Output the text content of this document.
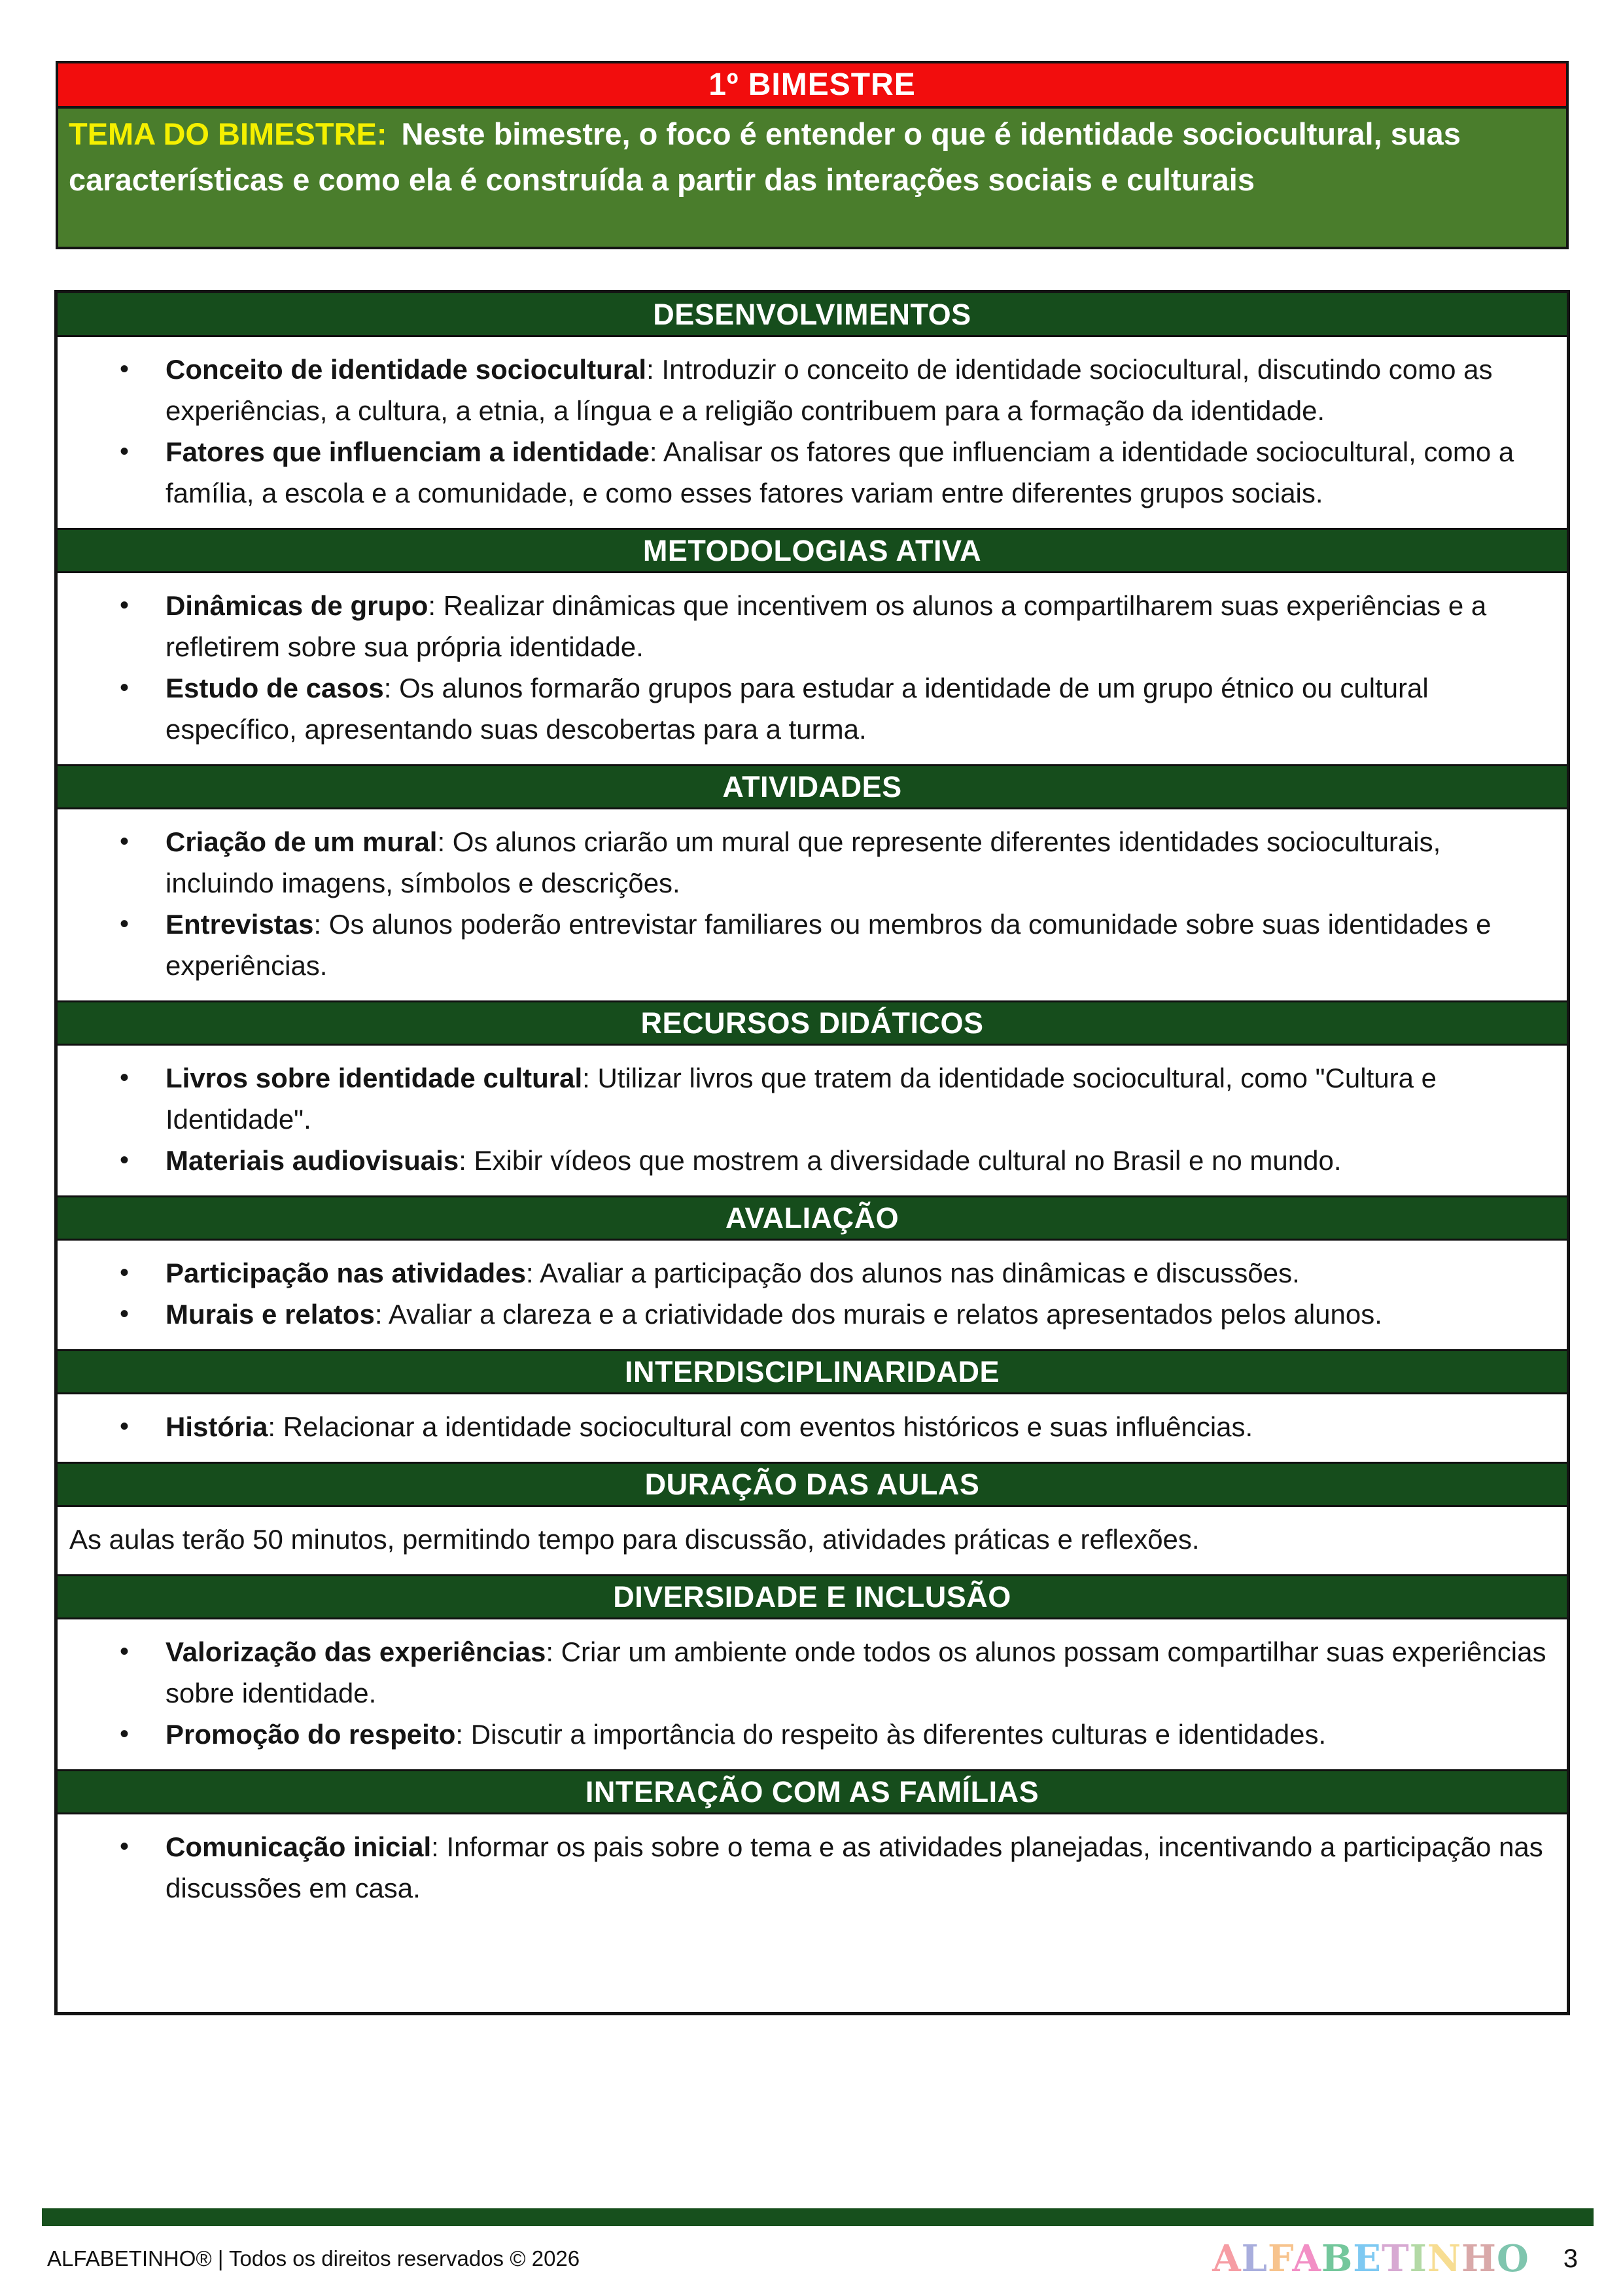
1º BIMESTRE

TEMA DO BIMESTRE: Neste bimestre, o foco é entender o que é identidade sociocultural, suas características e como ela é construída a partir das interações sociais e culturais

DESENVOLVIMENTOS
• Conceito de identidade sociocultural: Introduzir o conceito de identidade sociocultural, discutindo como as experiências, a cultura, a etnia, a língua e a religião contribuem para a formação da identidade.
• Fatores que influenciam a identidade: Analisar os fatores que influenciam a identidade sociocultural, como a família, a escola e a comunidade, e como esses fatores variam entre diferentes grupos sociais.
METODOLOGIAS ATIVA
• Dinâmicas de grupo: Realizar dinâmicas que incentivem os alunos a compartilharem suas experiências e a refletirem sobre sua própria identidade.
• Estudo de casos: Os alunos formarão grupos para estudar a identidade de um grupo étnico ou cultural específico, apresentando suas descobertas para a turma.
ATIVIDADES
• Criação de um mural: Os alunos criarão um mural que represente diferentes identidades socioculturais, incluindo imagens, símbolos e descrições.
• Entrevistas: Os alunos poderão entrevistar familiares ou membros da comunidade sobre suas identidades e experiências.
RECURSOS DIDÁTICOS
• Livros sobre identidade cultural: Utilizar livros que tratem da identidade sociocultural, como "Cultura e Identidade".
• Materiais audiovisuais: Exibir vídeos que mostrem a diversidade cultural no Brasil e no mundo.
AVALIAÇÃO
• Participação nas atividades: Avaliar a participação dos alunos nas dinâmicas e discussões.
• Murais e relatos: Avaliar a clareza e a criatividade dos murais e relatos apresentados pelos alunos.
INTERDISCIPLINARIDADE
• História: Relacionar a identidade sociocultural com eventos históricos e suas influências.
DURAÇÃO DAS AULAS

As aulas terão 50 minutos, permitindo tempo para discussão, atividades práticas e reflexões.

DIVERSIDADE E INCLUSÃO
• Valorização das experiências: Criar um ambiente onde todos os alunos possam compartilhar suas experiências sobre identidade.
• Promoção do respeito: Discutir a importância do respeito às diferentes culturas e identidades.
INTERAÇÃO COM AS FAMÍLIAS
• Comunicação inicial: Informar os pais sobre o tema e as atividades planejadas, incentivando a participação nas discussões em casa.
ALFABETINHO® | Todos os direitos reservados © 2026	ALFABETINHO 3
